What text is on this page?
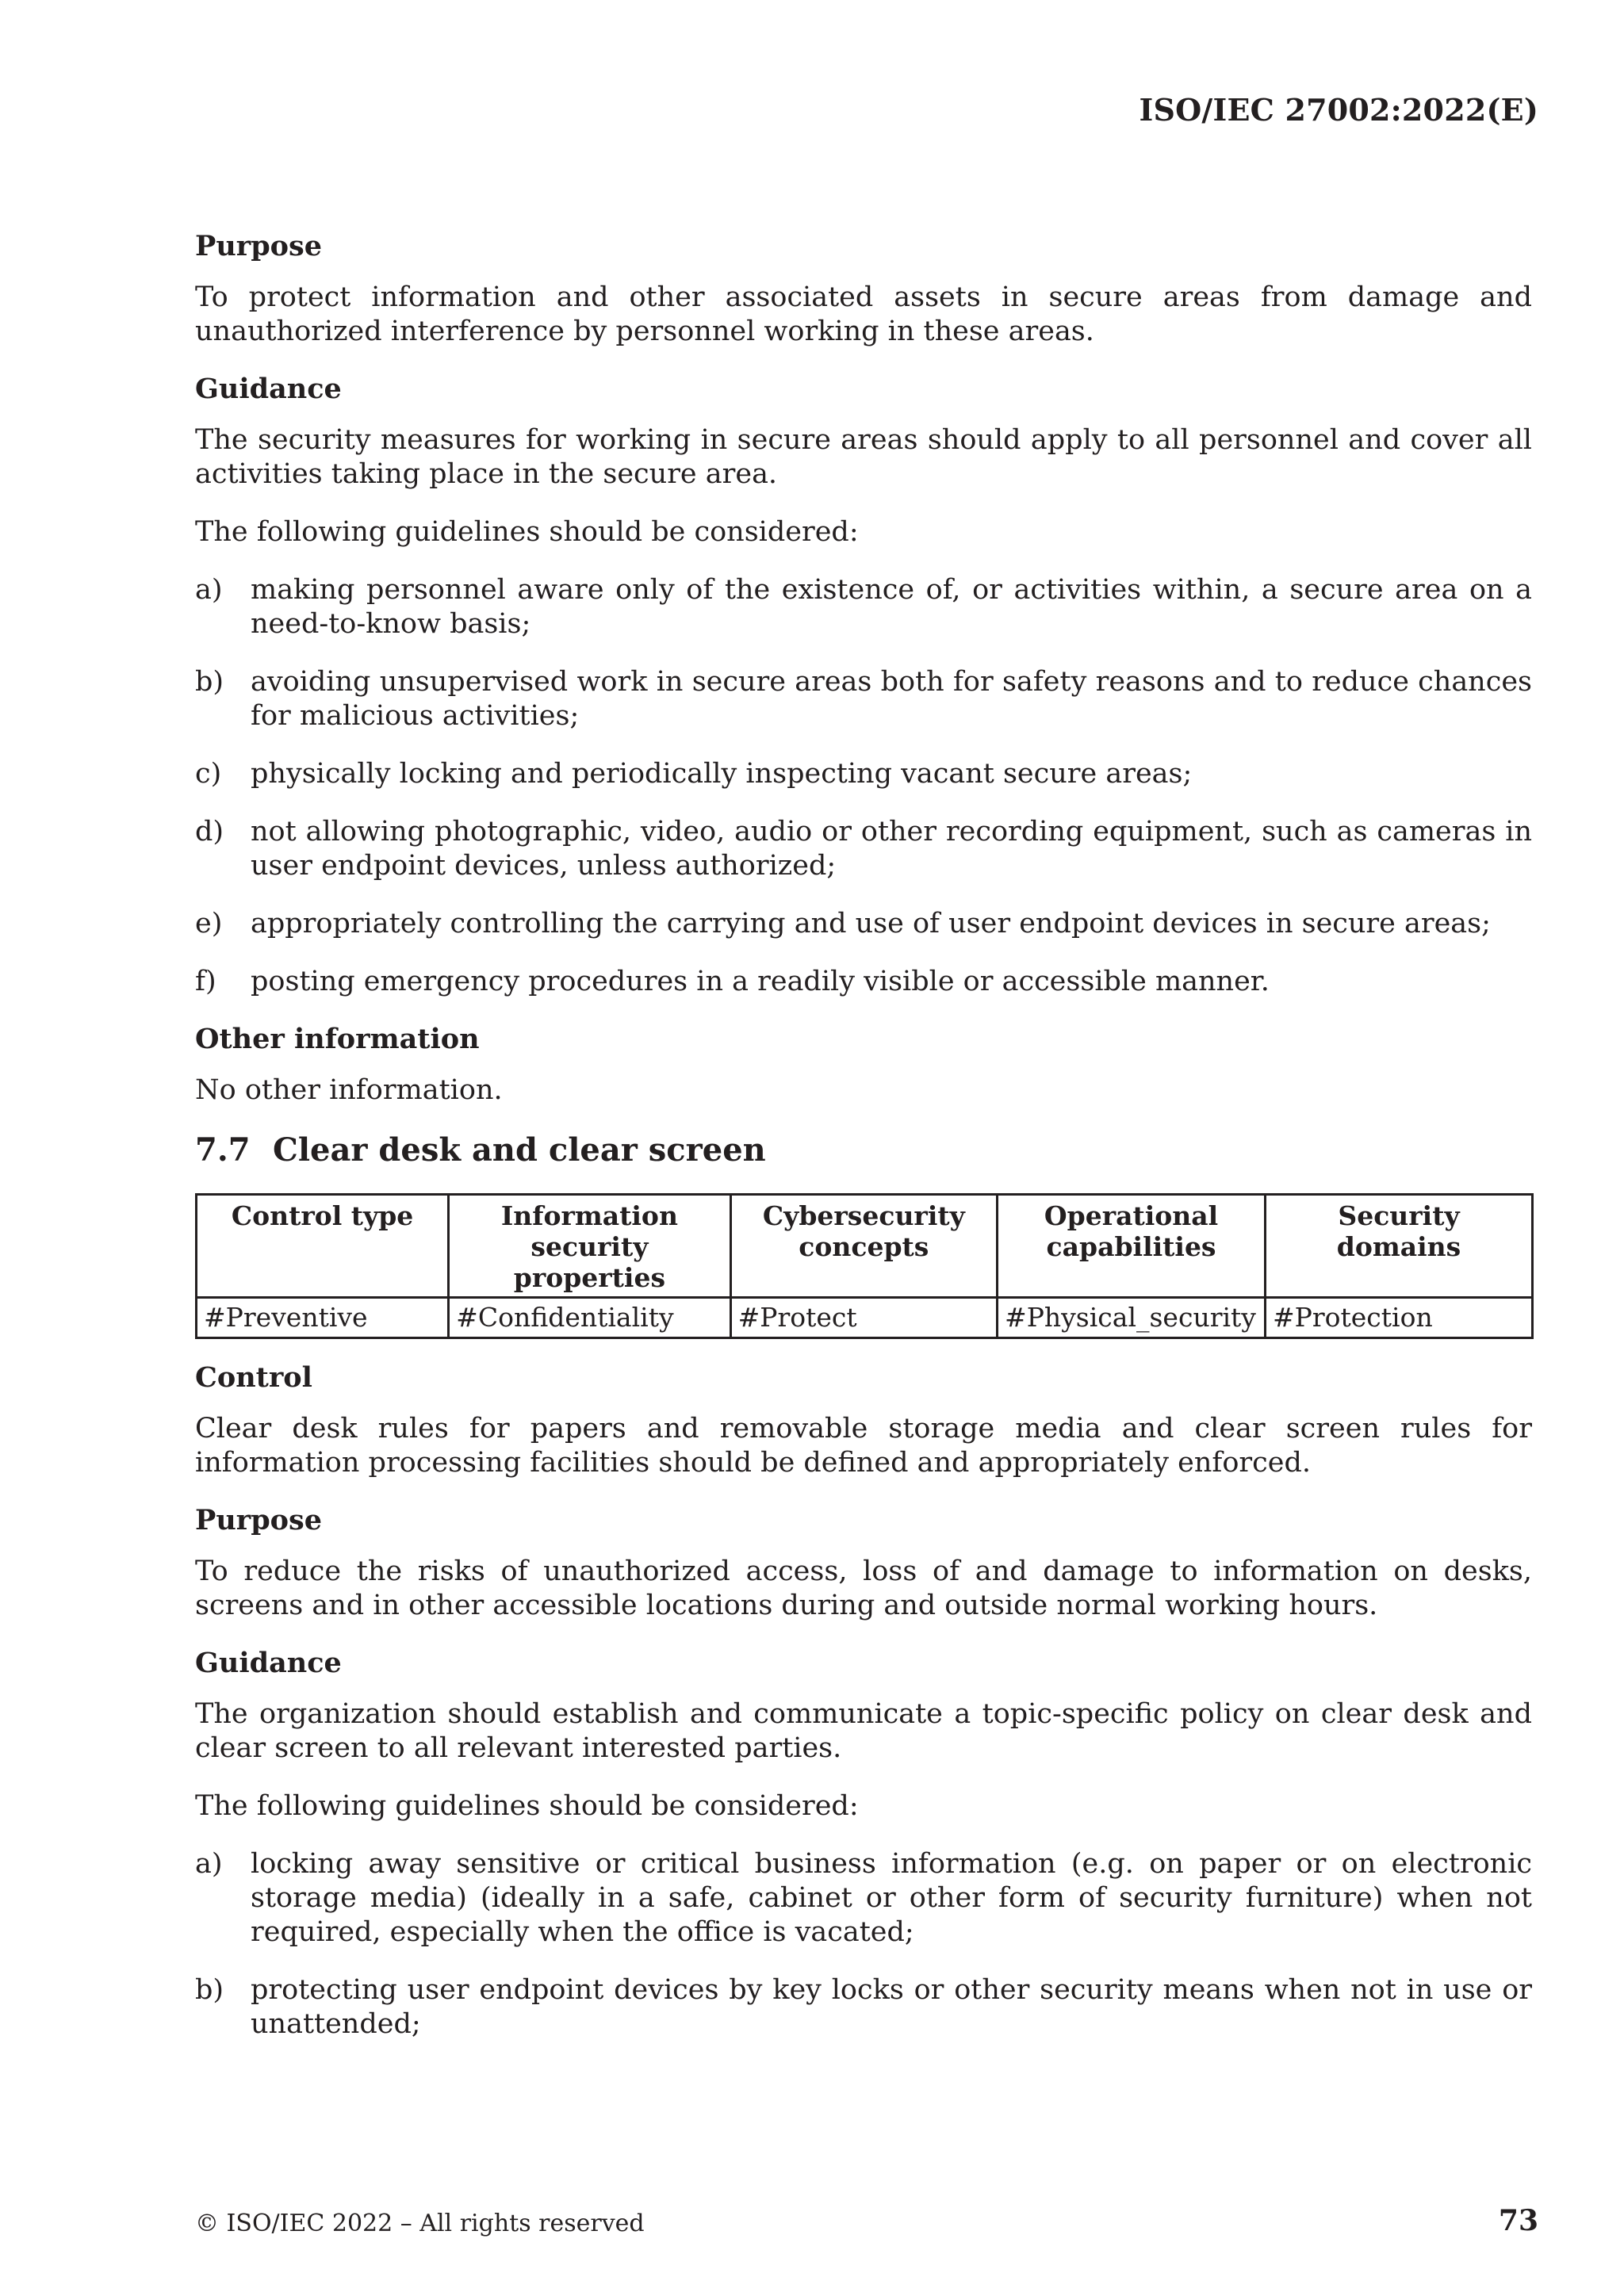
ISO/IEC 27002:2022(E)
Purpose

To protect information and other associated assets in secure areas from damage and unauthorized interference by personnel working in these areas.

Guidance

The security measures for working in secure areas should apply to all personnel and cover all activities taking place in the secure area.

The following guidelines should be considered:

a)	making personnel aware only of the existence of, or activities within, a secure area on a need-to-know basis;
b) avoiding unsupervised work in secure areas both for safety reasons and to reduce chances for malicious activities;
c)	physically locking and periodically inspecting vacant secure areas;
d) not allowing photographic, video, audio or other recording equipment, such as cameras in user endpoint devices, unless authorized;
e)	appropriately controlling the carrying and use of user endpoint devices in secure areas;
f)	posting emergency procedures in a readily visible or accessible manner.
Other information

No other information.

7.7 Clear desk and clear screen
Control type	Information security properties	Cybersecurity concepts	Operational capabilities	Security domains
#Preventive	#Confidentiality	#Protect	#Physical_security	#Protection
Control

Clear desk rules for papers and removable storage media and clear screen rules for information processing facilities should be defined and appropriately enforced.

Purpose

To reduce the risks of unauthorized access, loss of and damage to information on desks, screens and in other accessible locations during and outside normal working hours.

Guidance

The organization should establish and communicate a topic-specific policy on clear desk and clear screen to all relevant interested parties.

The following guidelines should be considered:

a)	locking away sensitive or critical business information (e.g. on paper or on electronic storage media) (ideally in a safe, cabinet or other form of security furniture) when not required, especially when the office is vacated;
b) protecting user endpoint devices by key locks or other security means when not in use or unattended;
© ISO/IEC 2022 – All rights reserved	73
